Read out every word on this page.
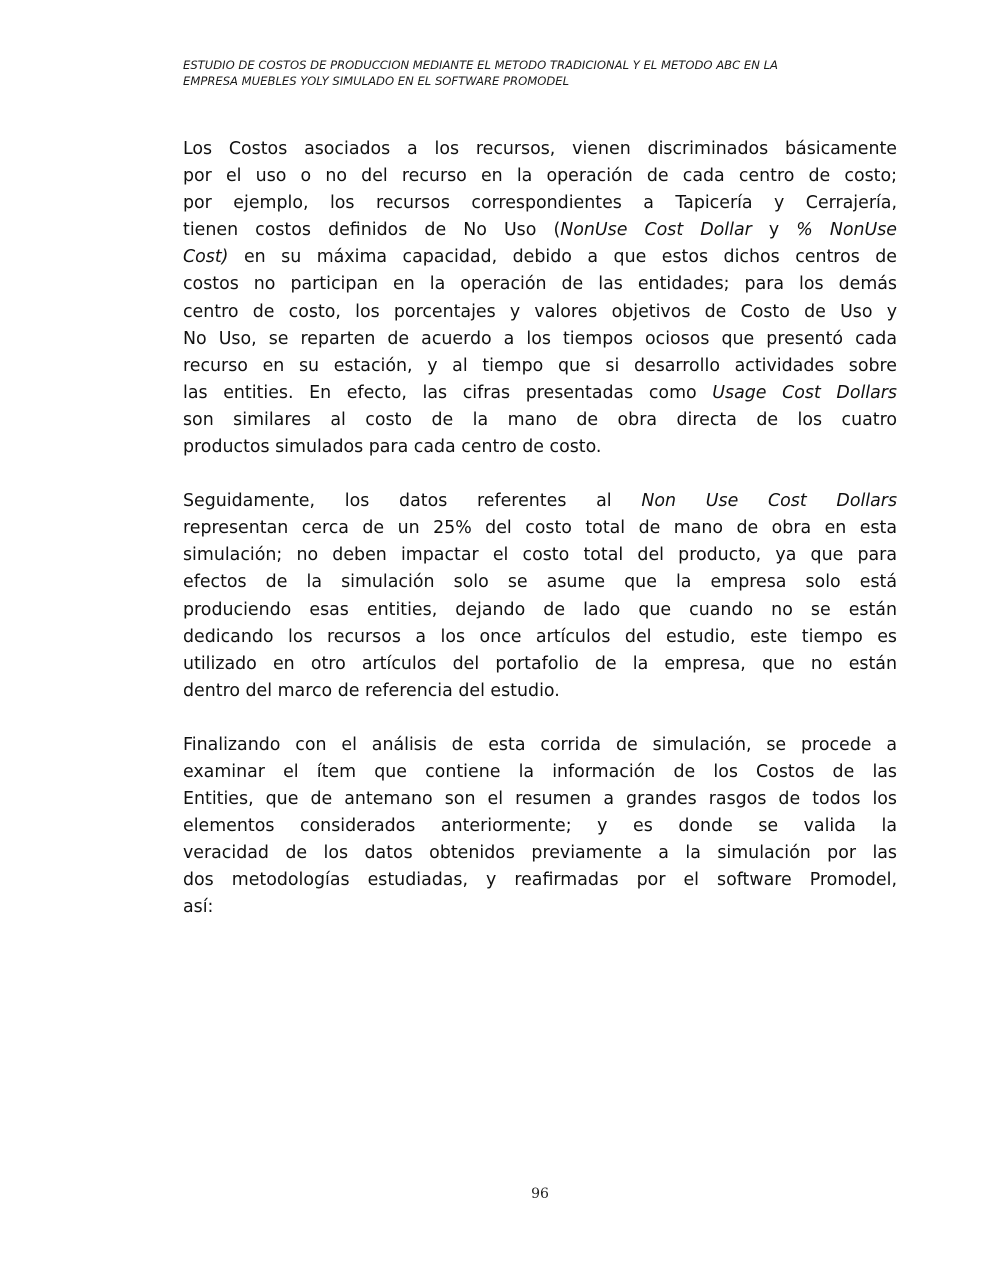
ESTUDIO DE COSTOS DE PRODUCCION MEDIANTE EL METODO TRADICIONAL Y EL METODO ABC EN LA
EMPRESA MUEBLES YOLY SIMULADO EN EL SOFTWARE PROMODEL
Los Costos asociados a los recursos, vienen discriminados básicamente
por el uso o no del recurso en la operación de cada centro de costo;
por ejemplo, los recursos correspondientes a Tapicería y Cerrajería,
tienen costos definidos de No Uso (NonUse Cost Dollar y % NonUse
Cost) en su máxima capacidad, debido a que estos dichos centros de
costos no participan en la operación de las entidades; para los demás
centro de costo, los porcentajes y valores objetivos de Costo de Uso y
No Uso, se reparten de acuerdo a los tiempos ociosos que presentó cada
recurso en su estación, y al tiempo que si desarrollo actividades sobre
las entities. En efecto, las cifras presentadas como Usage Cost Dollars
son similares al costo de la mano de obra directa de los cuatro
productos simulados para cada centro de costo.
Seguidamente, los datos referentes al Non Use Cost Dollars
representan cerca de un 25% del costo total de mano de obra en esta
simulación; no deben impactar el costo total del producto, ya que para
efectos de la simulación solo se asume que la empresa solo está
produciendo esas entities, dejando de lado que cuando no se están
dedicando los recursos a los once artículos del estudio, este tiempo es
utilizado en otro artículos del portafolio de la empresa, que no están
dentro del marco de referencia del estudio.
Finalizando con el análisis de esta corrida de simulación, se procede a
examinar el ítem que contiene la información de los Costos de las
Entities, que de antemano son el resumen a grandes rasgos de todos los
elementos considerados anteriormente; y es donde se valida la
veracidad de los datos obtenidos previamente a la simulación por las
dos metodologías estudiadas, y reafirmadas por el software Promodel,
así:
96
